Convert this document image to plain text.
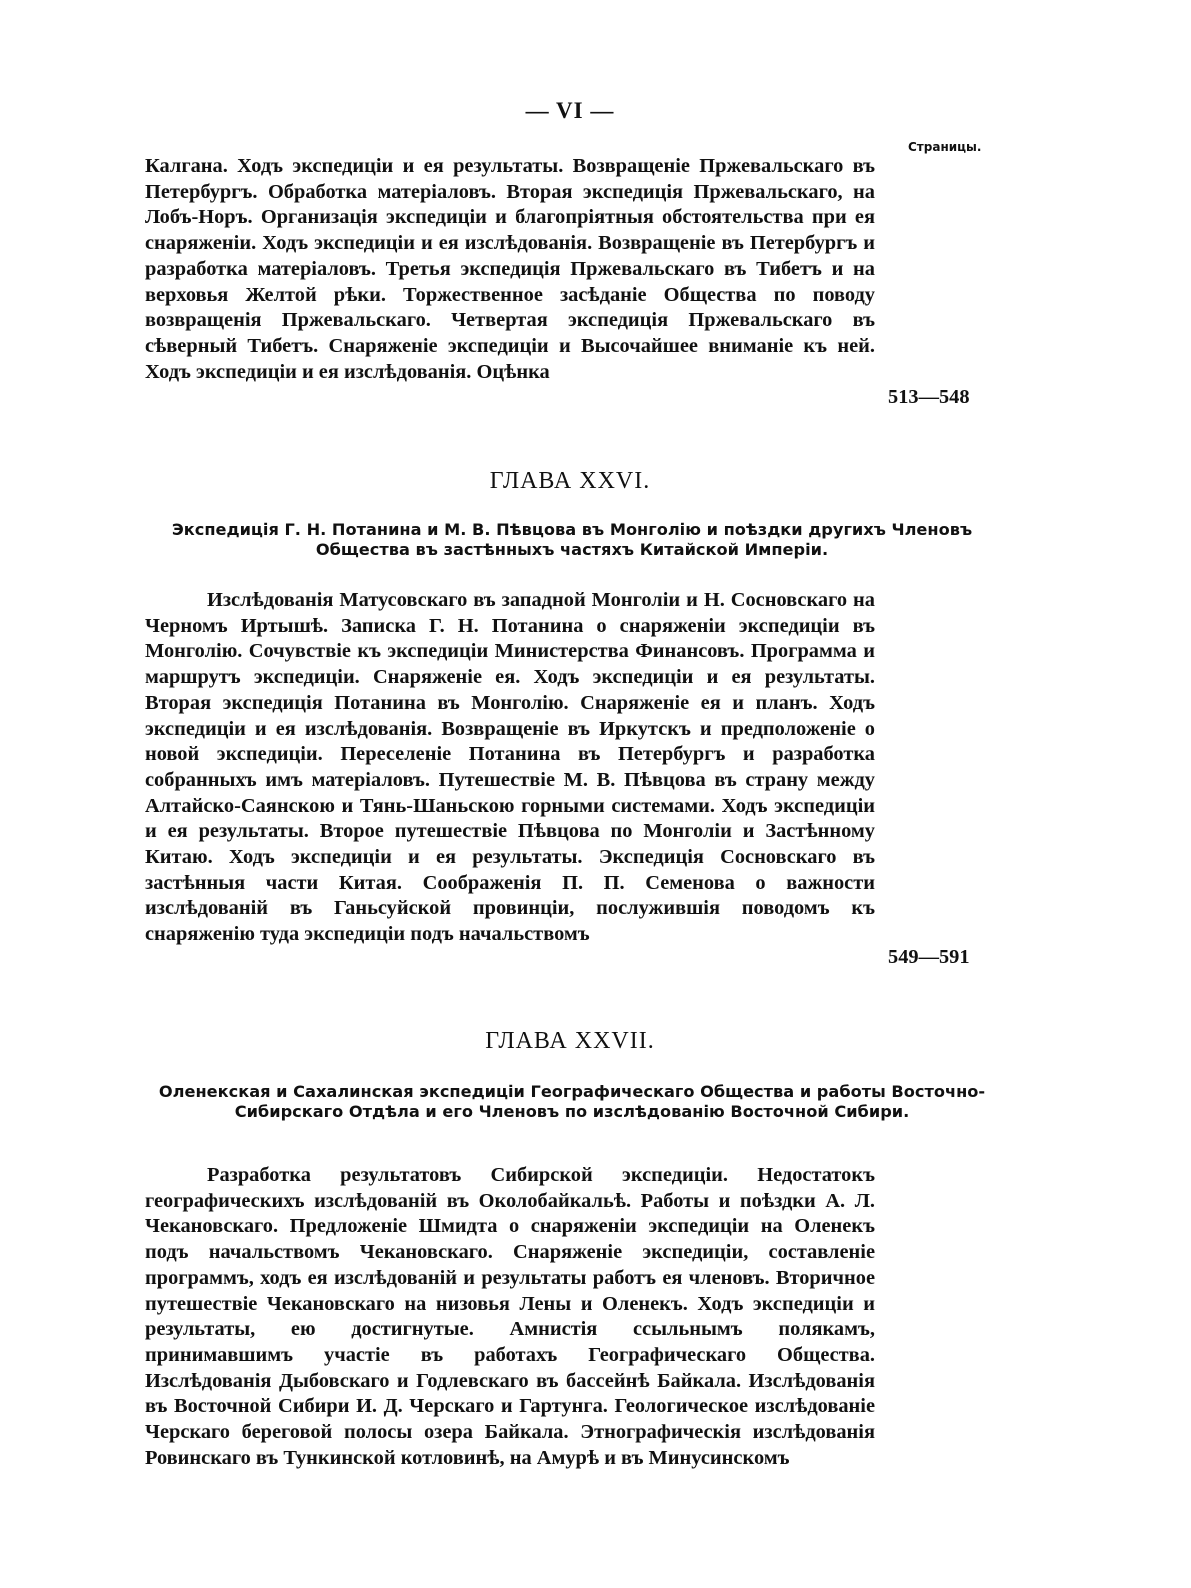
— VI —
Страницы.
Калгана. Ходъ экспедиціи и ея результаты. Возвращеніе Пржевальскаго въ Петербургъ. Обработка матеріаловъ. Вторая экспедиція Пржевальскаго, на Лобъ-Норъ. Организація экспедиціи и благопріятныя обстоятельства при ея снаряженіи. Ходъ экспедиціи и ея изслѣдованія. Возвращеніе въ Петербургъ и разработка матеріаловъ. Третья экспедиція Пржевальскаго въ Тибетъ и на верховья Желтой рѣки. Торжественное засѣданіе Общества по поводу возвращенія Пржевальскаго. Четвертая экспедиція Пржевальскаго въ сѣверный Тибетъ. Снаряженіе экспедиціи и Высочайшее вниманіе къ ней. Ходъ экспедиціи и ея изслѣдованія. Оцѣнка
513—548
ГЛАВА XXVI.
Экспедиція Г. Н. Потанина и М. В. Пѣвцова въ Монголію и поѣздки другихъ Членовъ Общества въ застѣнныхъ частяхъ Китайской Имперіи.
Изслѣдованія Матусовскаго въ западной Монголіи и Н. Сосновскаго на Черномъ Иртышѣ. Записка Г. Н. Потанина о снаряженіи экспедиціи въ Монголію. Сочувствіе къ экспедиціи Министерства Финансовъ. Программа и маршрутъ экспедиціи. Снаряженіе ея. Ходъ экспедиціи и ея результаты. Вторая экспедиція Потанина въ Монголію. Снаряженіе ея и планъ. Ходъ экспедиціи и ея изслѣдованія. Возвращеніе въ Иркутскъ и предположеніе о новой экспедиціи. Переселеніе Потанина въ Петербургъ и разработка собранныхъ имъ матеріаловъ. Путешествіе М. В. Пѣвцова въ страну между Алтайско-Саянскою и Тянь-Шаньскою горными системами. Ходъ экспедиціи и ея результаты. Второе путешествіе Пѣвцова по Монголіи и Застѣнному Китаю. Ходъ экспедиціи и ея результаты. Экспедиція Сосновскаго въ застѣнныя части Китая. Соображенія П. П. Семенова о важности изслѣдованій въ Ганьсуйской провинціи, послужившія поводомъ къ снаряженію туда экспедиціи подъ начальствомъ
549—591
ГЛАВА XXVII.
Оленекская и Сахалинская экспедиціи Географическаго Общества и работы Восточно-Сибирскаго Отдѣла и его Членовъ по изслѣдованію Восточной Сибири.
Разработка результатовъ Сибирской экспедиціи. Недостатокъ географическихъ изслѣдованій въ Околобайкальѣ. Работы и поѣздки А. Л. Чекановскаго. Предложеніе Шмидта о снаряженіи экспедиціи на Оленекъ подъ начальствомъ Чекановскаго. Снаряженіе экспедиціи, составленіе программъ, ходъ ея изслѣдованій и результаты работъ ея членовъ. Вторичное путешествіе Чекановскаго на низовья Лены и Оленекъ. Ходъ экспедиціи и результаты, ею достигнутые. Амнистія ссыльнымъ полякамъ, принимавшимъ участіе въ работахъ Географическаго Общества. Изслѣдованія Дыбовскаго и Годлевскаго въ бассейнѣ Байкала. Изслѣдованія въ Восточной Сибири И. Д. Черскаго и Гартунга. Геологическое изслѣдованіе Черскаго береговой полосы озера Байкала. Этнографическія изслѣдованія Ровинскаго въ Тункинской котловинѣ, на Амурѣ и въ Минусинскомъ
